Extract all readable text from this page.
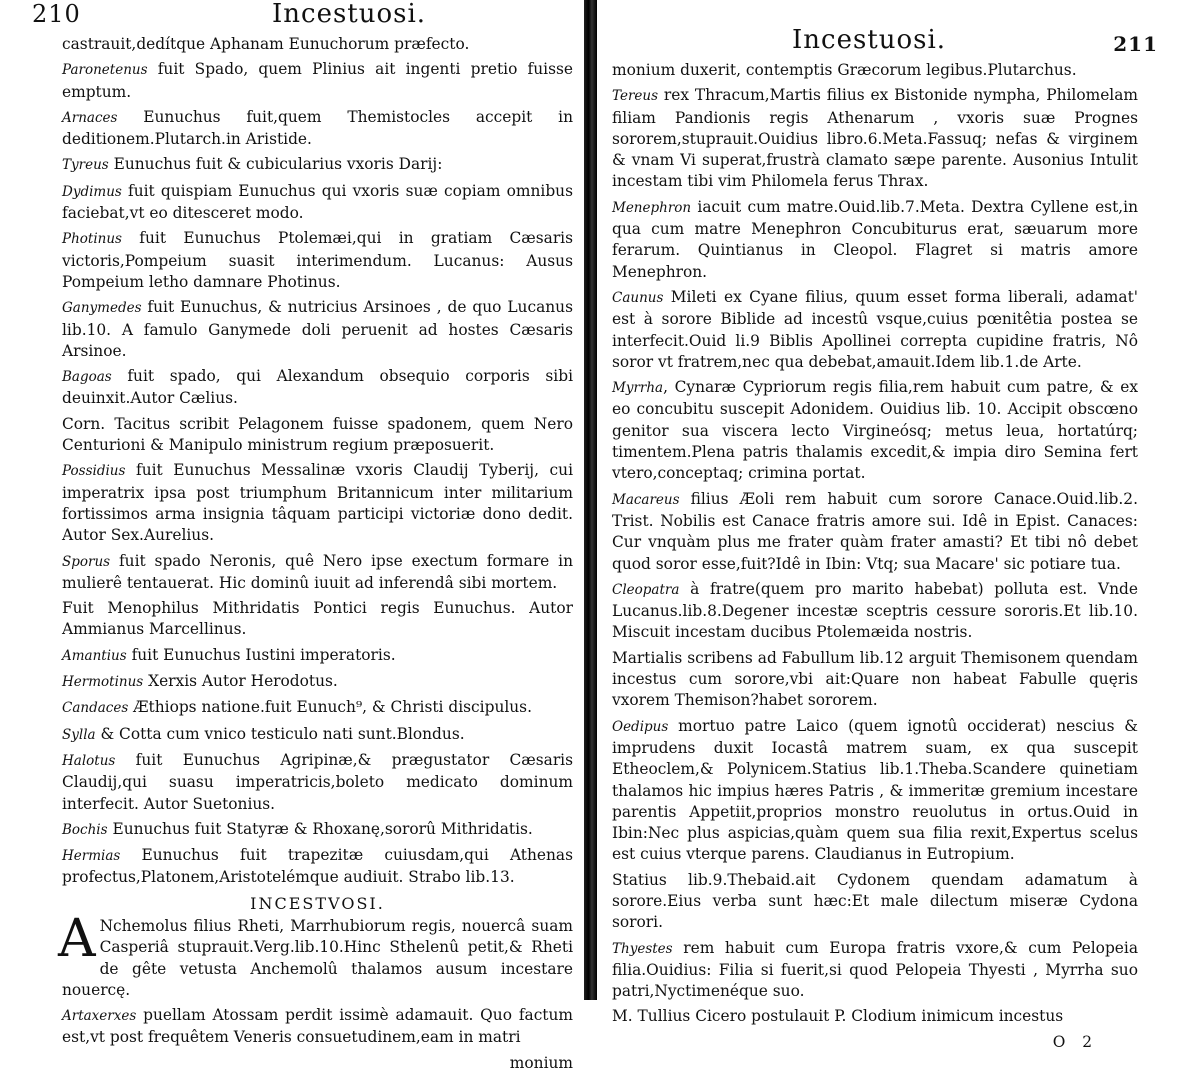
210	Incestuosi.

castrauit,dedítque Aphanam Eunuchorum præfecto.

Paronetenus fuit Spado, quem Plinius ait ingenti pretio fuisse emptum.

Arnaces Eunuchus fuit,quem Themistocles accepit in deditionem.Plutarch.in Aristide.

Tyreus Eunuchus fuit & cubicularius vxoris Darij:

Dydimus fuit quispiam Eunuchus qui vxoris suæ copiam omnibus faciebat,vt eo ditesceret modo.

Photinus fuit Eunuchus Ptolemæi,qui in gratiam Cæsaris victoris,Pompeium suasit interimendum. Lucanus: Ausus Pompeium letho damnare Photinus.

Ganymedes fuit Eunuchus, & nutricius Arsinoes , de quo Lucanus lib.10. A famulo Ganymede doli peruenit ad hostes Cæsaris Arsinoe.

Bagoas fuit spado, qui Alexandum obsequio corporis sibi deuinxit.Autor Cælius.

Corn. Tacitus scribit Pelagonem fuisse spadonem, quem Nero Centurioni & Manipulo ministrum regium præposuerit.

Possidius fuit Eunuchus Messalinæ vxoris Claudij Tyberij, cui imperatrix ipsa post triumphum Britannicum inter militarium fortissimos arma insignia tâquam participi victoriæ dono dedit. Autor Sex.Aurelius.

Sporus fuit spado Neronis, quê Nero ipse exectum formare in mulierê tentauerat. Hic dominû iuuit ad inferendâ sibi mortem.

Fuit Menophilus Mithridatis Pontici regis Eunuchus. Autor Ammianus Marcellinus.

Amantius fuit Eunuchus Iustini imperatoris.

Hermotinus Xerxis Autor Herodotus.

Candaces Æthiops natione.fuit Eunuch⁹, & Christi discipulus.

Sylla & Cotta cum vnico testiculo nati sunt.Blondus.

Halotus fuit Eunuchus Agripinæ,& prægustator Cæsaris Claudij,qui suasu imperatricis,boleto medicato dominum interfecit. Autor Suetonius.

Bochis Eunuchus fuit Statyræ & Rhoxanę,sororû Mithridatis.

Hermias Eunuchus fuit trapezitæ cuiusdam,qui Athenas profectus,Platonem,Aristotelémque audiuit. Strabo lib.13.

INCESTVOSI.

A Nchemolus filius Rheti, Marrhubiorum regis, nouercâ suam Casperiâ stuprauit.Verg.lib.10.Hinc Sthelenû petit,& Rheti de gête vetusta Anchemolû thalamos ausum incestare nouercę.

Artaxerxes puellam Atossam perdit issimè adamauit. Quo factum est,vt post frequêtem Veneris consuetudinem,eam in matri

monium

Incestuosi.	211

monium duxerit, contemptis Græcorum legibus.Plutarchus.

Tereus rex Thracum,Martis filius ex Bistonide nympha, Philomelam filiam Pandionis regis Athenarum , vxoris suæ Prognes sororem,stuprauit.Ouidius libro.6.Meta.Fassuq; nefas & virginem & vnam Vi superat,frustrà clamato sæpe parente. Ausonius Intulit incestam tibi vim Philomela ferus Thrax.

Menephron iacuit cum matre.Ouid.lib.7.Meta. Dextra Cyllene est,in qua cum matre Menephron Concubiturus erat, sæuarum more ferarum. Quintianus in Cleopol. Flagret si matris amore Menephron.

Caunus Mileti ex Cyane filius, quum esset forma liberali, adamat' est à sorore Biblide ad incestû vsque,cuius pœnitêtia postea se interfecit.Ouid li.9 Biblis Apollinei correpta cupidine fratris, Nô soror vt fratrem,nec qua debebat,amauit.Idem lib.1.de Arte.

Myrrha, Cynaræ Cypriorum regis filia,rem habuit cum patre, & ex eo concubitu suscepit Adonidem. Ouidius lib. 10. Accipit obscœno genitor sua viscera lecto Virgineósq; metus leua, hortatúrq; timentem.Plena patris thalamis excedit,& impia diro Semina fert vtero,conceptaq; crimina portat.

Macareus filius Æoli rem habuit cum sorore Canace.Ouid.lib.2. Trist. Nobilis est Canace fratris amore sui. Idê in Epist. Canaces: Cur vnquàm plus me frater quàm frater amasti? Et tibi nô debet quod soror esse,fuit?Idê in Ibin: Vtq; sua Macare' sic potiare tua.

Cleopatra à fratre(quem pro marito habebat) polluta est. Vnde Lucanus.lib.8.Degener incestæ sceptris cessure sororis.Et lib.10. Miscuit incestam ducibus Ptolemæida nostris.

Martialis scribens ad Fabullum lib.12 arguit Themisonem quendam incestus cum sorore,vbi ait:Quare non habeat Fabulle quęris vxorem Themison?habet sororem.

Oedipus mortuo patre Laico (quem ignotû occiderat) nescius & imprudens duxit Iocastâ matrem suam, ex qua suscepit Etheoclem,& Polynicem.Statius lib.1.Theba.Scandere quinetiam thalamos hic impius hæres Patris , & immeritæ gremium incestare parentis Appetiit,proprios monstro reuolutus in ortus.Ouid in Ibin:Nec plus aspicias,quàm quem sua filia rexit,Expertus scelus est cuius vterque parens. Claudianus in Eutropium.

Statius lib.9.Thebaid.ait Cydonem quendam adamatum à sorore.Eius verba sunt hæc:Et male dilectum miseræ Cydona sorori.

Thyestes rem habuit cum Europa fratris vxore,& cum Pelopeia filia.Ouidius: Filia si fuerit,si quod Pelopeia Thyesti , Myrrha suo patri,Nyctimenéque suo.

M. Tullius Cicero postulauit P. Clodium inimicum incestus

O 2
